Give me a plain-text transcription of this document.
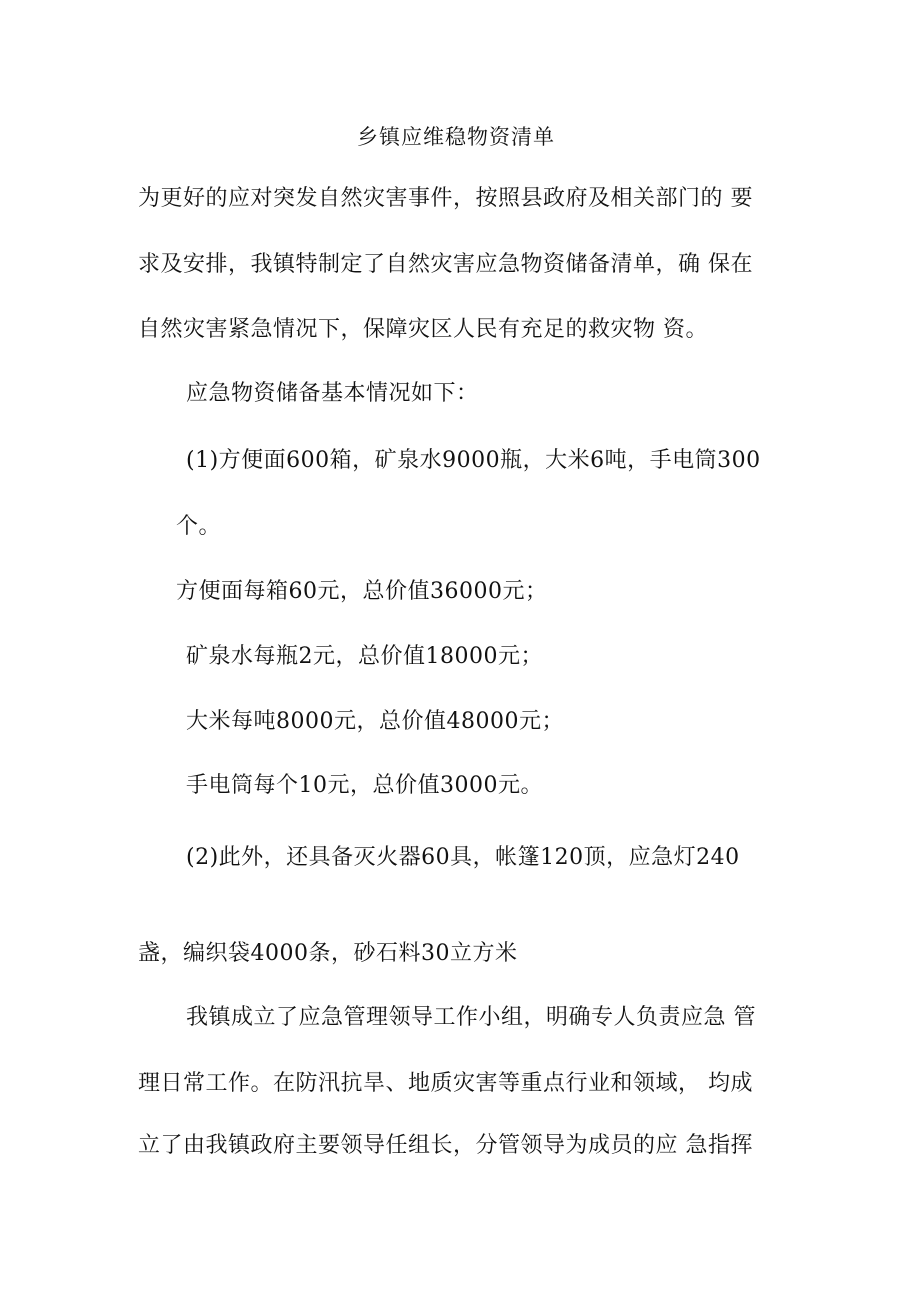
乡镇应维稳物资清单
为更好的应对突发自然灾害事件，按照县政府及相关部门的 要
求及安排，我镇特制定了自然灾害应急物资储备清单，确 保在
自然灾害紧急情况下，保障灾区人民有充足的救灾物 资。
应急物资储备基本情况如下：
(1)方便面600箱，矿泉水9000瓶，大米6吨，手电筒300
个。
方便面每箱60元，总价值36000元；
矿泉水每瓶2元，总价值18000元；
大米每吨8000元，总价值48000元；
手电筒每个10元，总价值3000元。
(2)此外，还具备灭火器60具，帐篷120顶，应急灯240
盏，编织袋4000条，砂石料30立方米
我镇成立了应急管理领导工作小组，明确专人负责应急 管
理日常工作。在防汛抗旱、地质灾害等重点行业和领域， 均成
立了由我镇政府主要领导任组长，分管领导为成员的应 急指挥
